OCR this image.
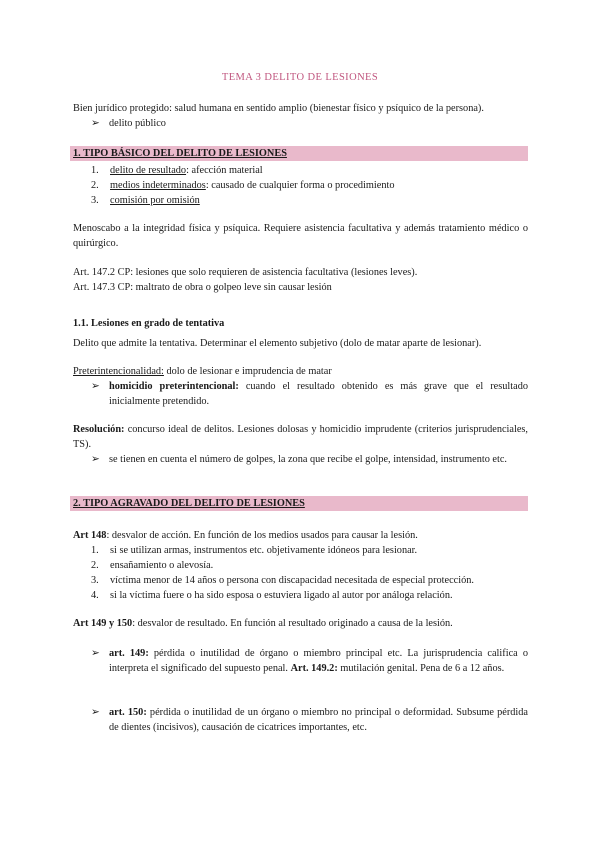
TEMA 3 DELITO DE LESIONES

Bien jurídico protegido: salud humana en sentido amplio (bienestar físico y psíquico de la persona).

➢ delito público
1. TIPO BÁSICO DEL DELITO DE LESIONES
1. delito de resultado: afección material
2. medios indeterminados: causado de cualquier forma o procedimiento
3. comisión por omisión

Menoscabo a la integridad física y psíquica. Requiere asistencia facultativa y además tratamiento médico o quirúrgico.

Art. 147.2 CP: lesiones que solo requieren de asistencia facultativa (lesiones leves).

Art. 147.3 CP: maltrato de obra o golpeo leve sin causar lesión

1.1. Lesiones en grado de tentativa

Delito que admite la tentativa. Determinar el elemento subjetivo (dolo de matar aparte de lesionar).

Preterintencionalidad: dolo de lesionar e imprudencia de matar

➢ homicidio preterintencional: cuando el resultado obtenido es más grave que el resultado inicialmente pretendido.

Resolución: concurso ideal de delitos. Lesiones dolosas y homicidio imprudente (criterios jurisprudenciales, TS).

➢ se tienen en cuenta el número de golpes, la zona que recibe el golpe, intensidad, instrumento etc.
2. TIPO AGRAVADO DEL DELITO DE LESIONES

Art 148: desvalor de acción. En función de los medios usados para causar la lesión.

1. si se utilizan armas, instrumentos etc. objetivamente idóneos para lesionar.
2. ensañamiento o alevosía.
3. víctima menor de 14 años o persona con discapacidad necesitada de especial protección.
4. si la víctima fuere o ha sido esposa o estuviera ligado al autor por análoga relación.

Art 149 y 150: desvalor de resultado. En función al resultado originado a causa de la lesión.

➢ art. 149: pérdida o inutilidad de órgano o miembro principal etc. La jurisprudencia califica o interpreta el significado del supuesto penal. Art. 149.2: mutilación genital. Pena de 6 a 12 años.
➢ art. 150: pérdida o inutilidad de un órgano o miembro no principal o deformidad. Subsume pérdida de dientes (incisivos), causación de cicatrices importantes, etc.
